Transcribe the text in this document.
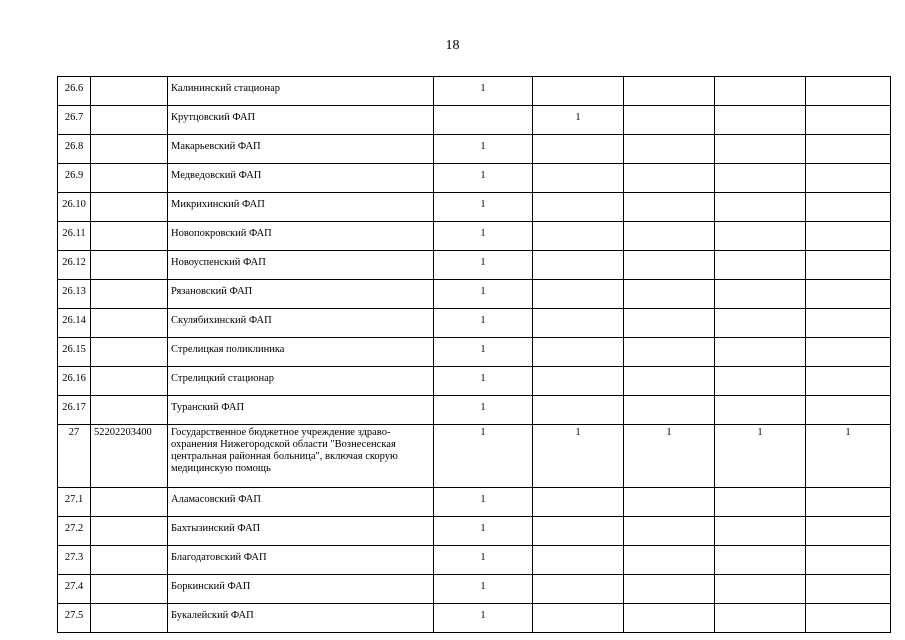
18
26.6		Калининский стационар	1				
26.7		Крутцовский ФАП		1			
26.8		Макарьевский ФАП	1				
26.9		Медведовский ФАП	1				
26.10		Микрихинский ФАП	1				
26.11		Новопокровский ФАП	1				
26.12		Новоуспенский ФАП	1				
26.13		Рязановский ФАП	1				
26.14		Скулябихинский ФАП	1				
26.15		Стрелицкая поликлиника	1				
26.16		Стрелицкий стационар	1				
26.17		Туранский ФАП	1				
27	52202203400	Государственное бюджетное учреждение здраво-охранения Нижегородской области "Вознесенская центральная районная больница", включая скорую медицинскую помощь	1	1	1	1	1
27.1		Аламасовский ФАП	1				
27.2		Бахтызинский ФАП	1				
27.3		Благодатовский ФАП	1				
27.4		Боркинский ФАП	1				
27.5		Букалейский ФАП	1				
